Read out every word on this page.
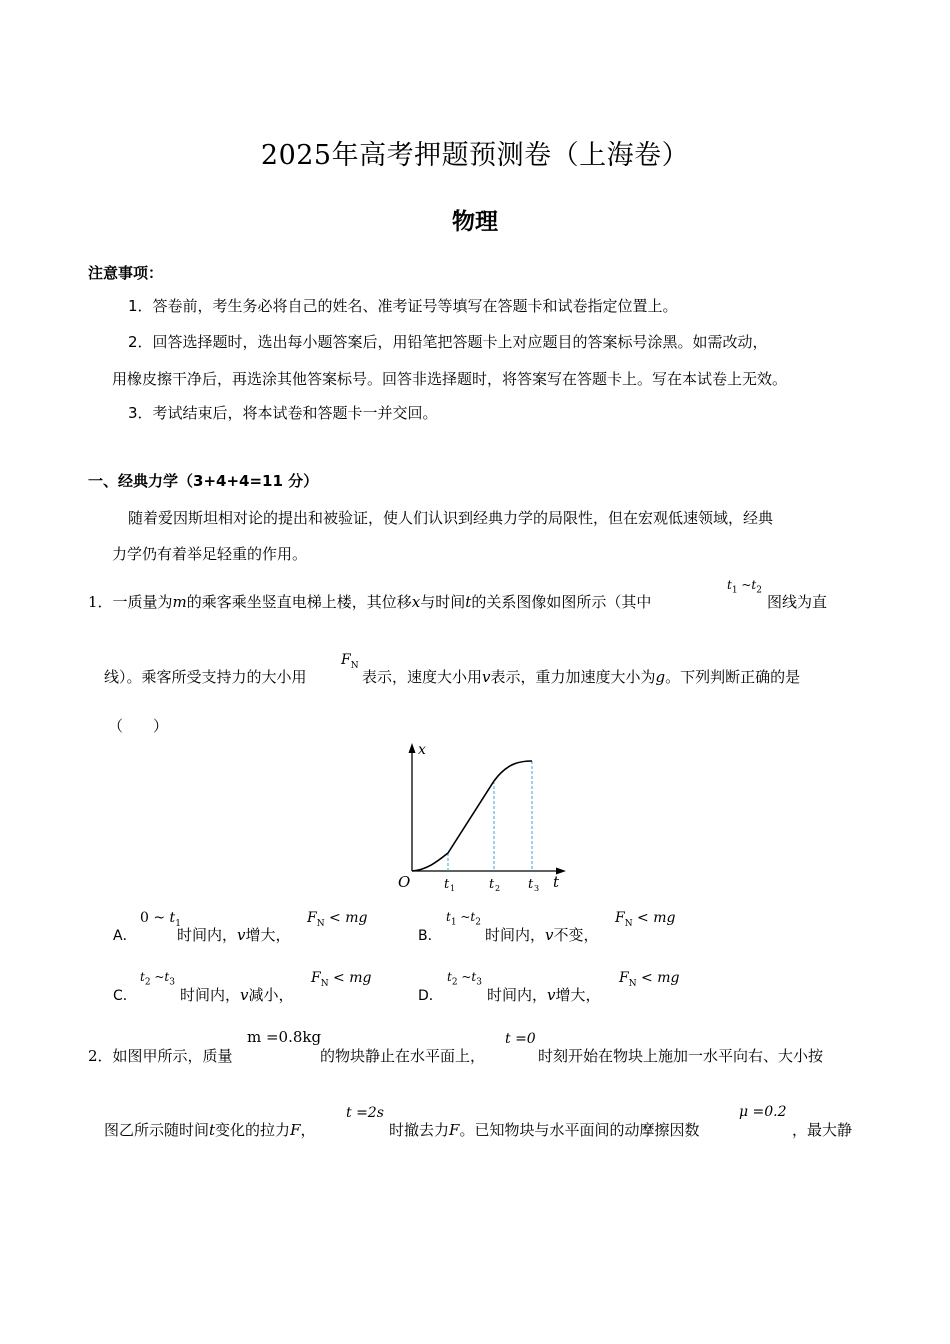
2025年高考押题预测卷（上海卷）
物理
注意事项：
1．答卷前，考生务必将自己的姓名、准考证号等填写在答题卡和试卷指定位置上。
2．回答选择题时，选出每小题答案后，用铅笔把答题卡上对应题目的答案标号涂黑。如需改动，
用橡皮擦干净后，再选涂其他答案标号。回答非选择题时，将答案写在答题卡上。写在本试卷上无效。
3．考试结束后，将本试卷和答题卡一并交回。
一、经典力学（3+4+4=11 分）
随着爱因斯坦相对论的提出和被验证，使人们认识到经典力学的局限性，但在宏观低速领域，经典
力学仍有着举足轻重的作用。
1．一质量为m的乘客乘坐竖直电梯上楼，其位移x与时间t的关系图像如图所示（其中
$t_1$ $\sim t_2$
图线为直
线）。乘客所受支持力的大小用
$F_N$
表示，速度大小用v表示，重力加速度大小为g。下列判断正确的是
（　　）
x
t
O	t 1	t 2 t 3
A．
0 ~ $t_1$
时间内，v增大，
$F_N$ < mg
B．
$t_1$ $\sim t_2$
时间内，v不变，
$F_N$ < mg
C．
$t_2$ $\sim t_3$
时间内，v减小，
$F_N$ < mg
D．
$t_2$ $\sim t_3$
时间内，v增大，
$F_N$ < mg
2．如图甲所示，质量
m =0.8kg
的物块静止在水平面上，
t =0
时刻开始在物块上施加一水平向右、大小按
图乙所示随时间t变化的拉力F，
t =2s
时撤去力F。已知物块与水平面间的动摩擦因数
μ =0.2
，最大静
